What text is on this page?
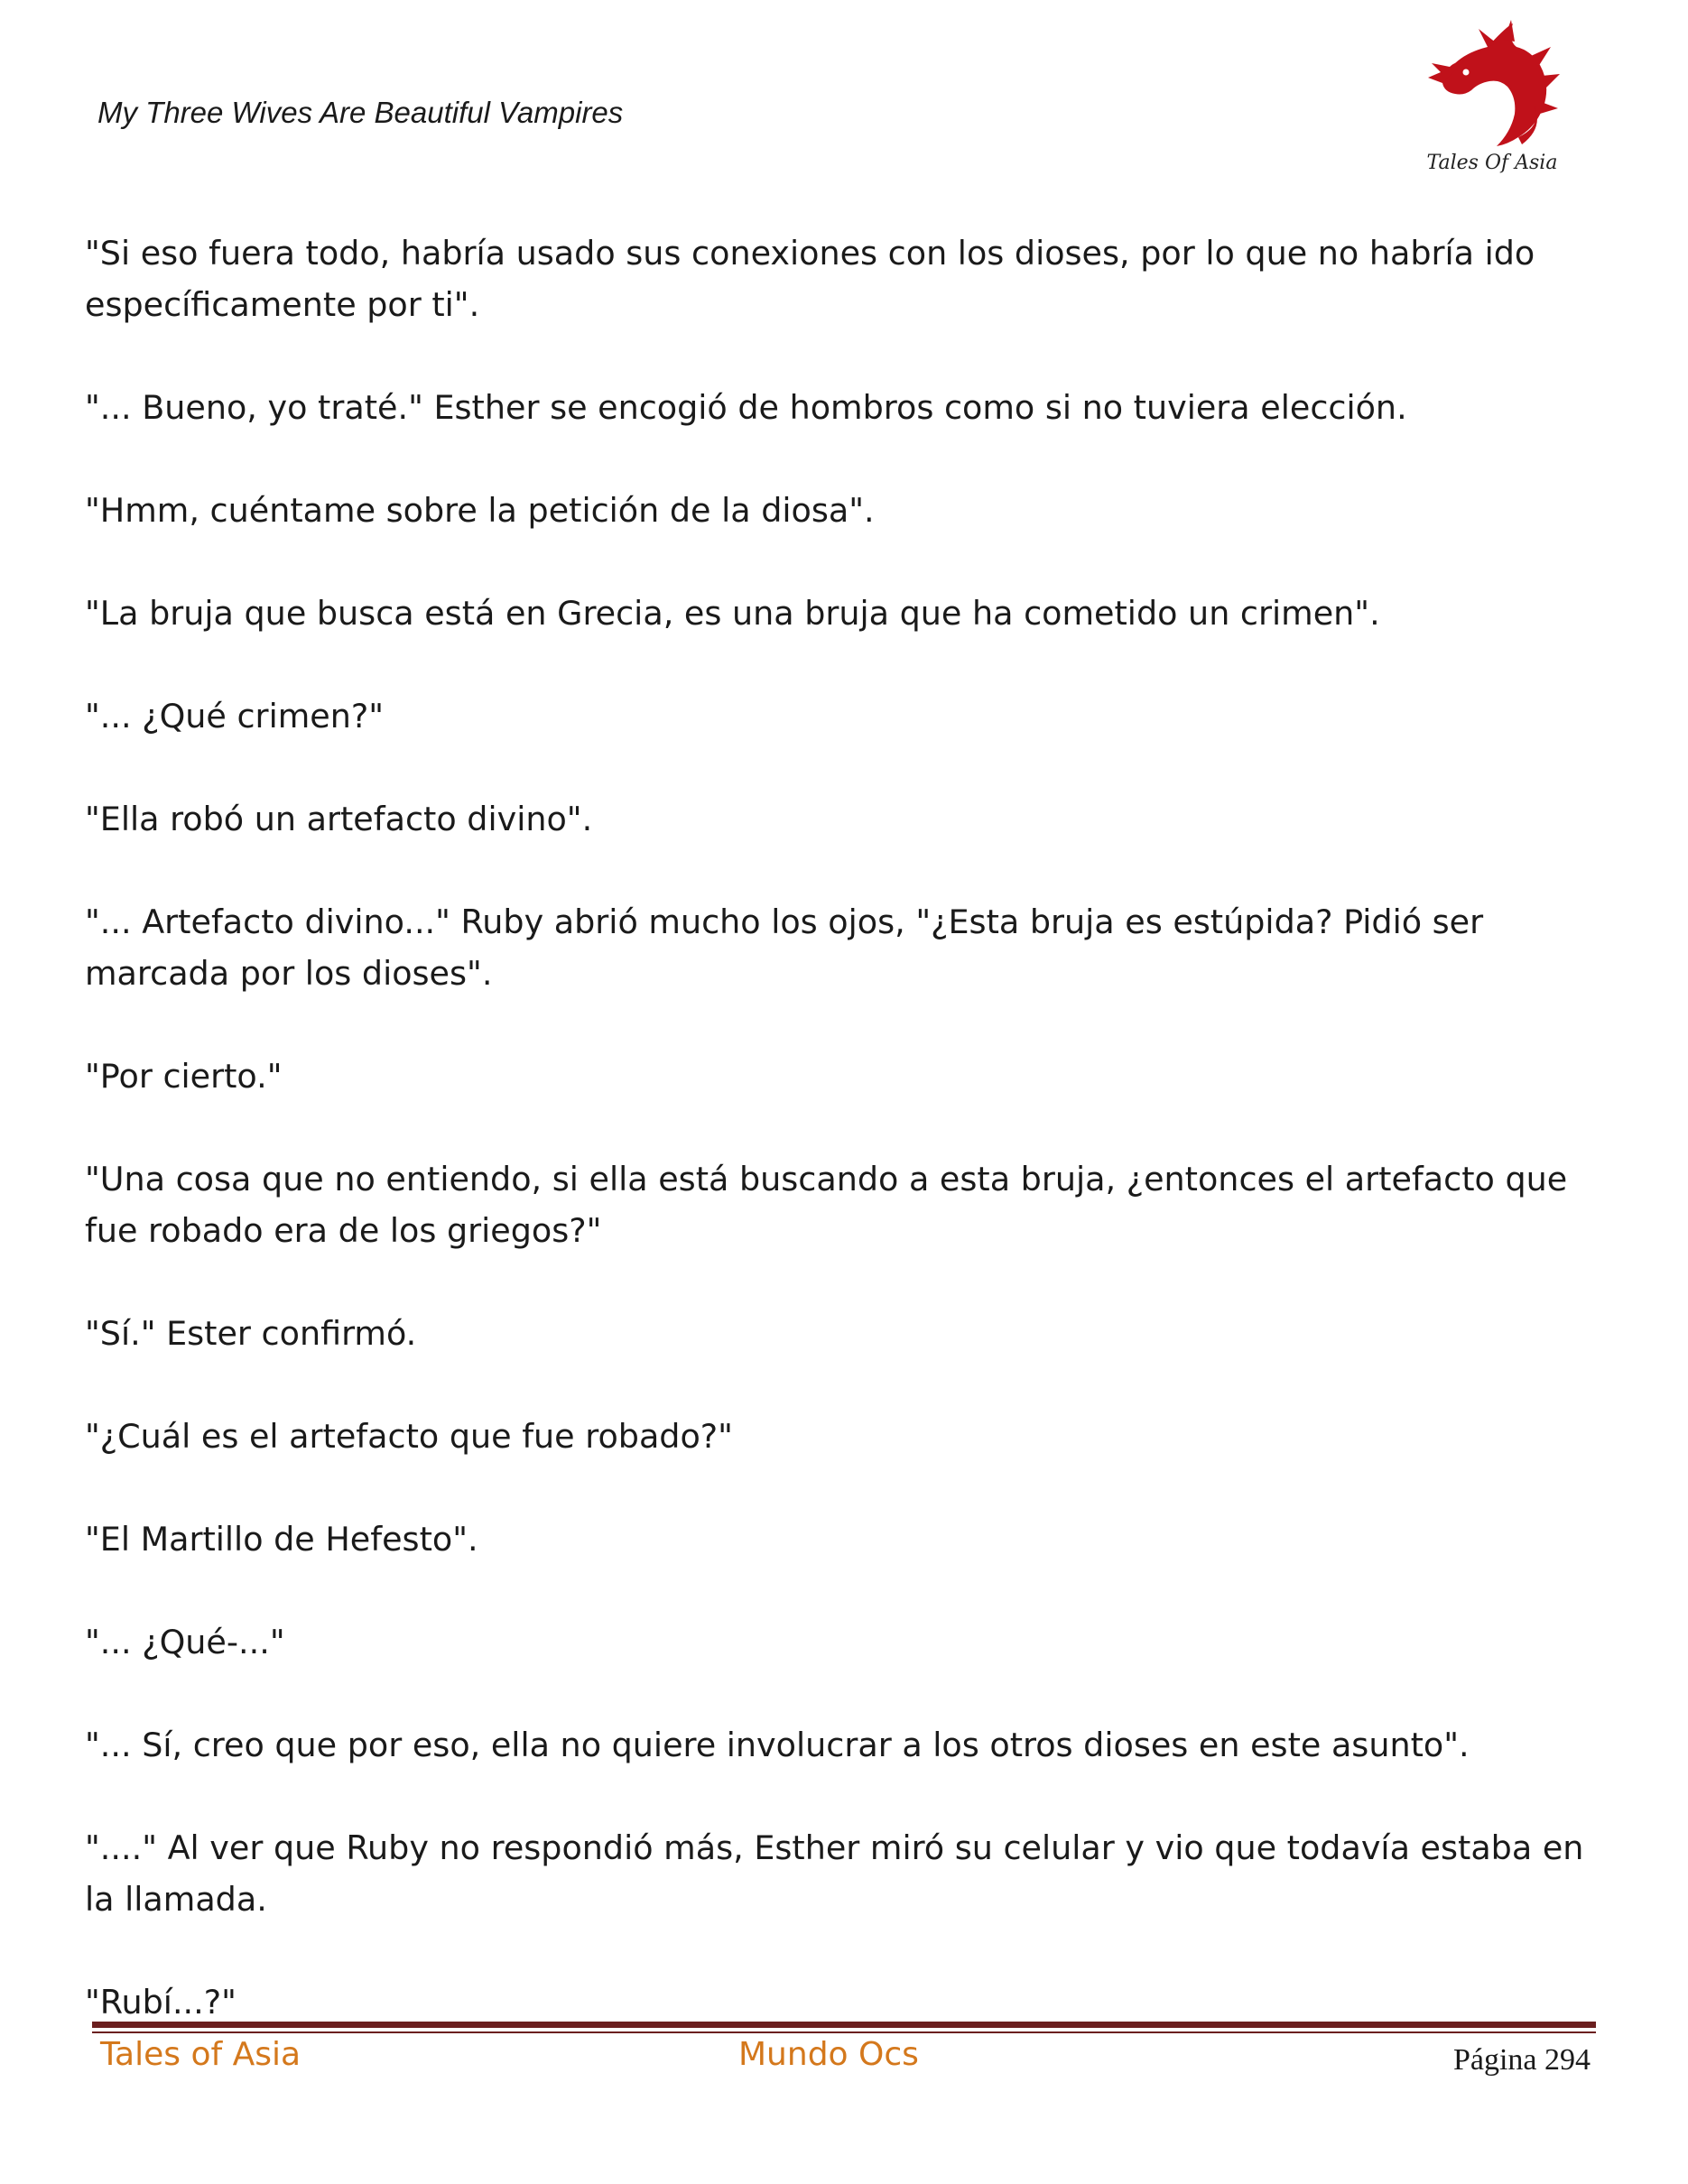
My Three Wives Are Beautiful Vampires
Tales Of Asia

"Si eso fuera todo, habría usado sus conexiones con los dioses, por lo que no habría ido específicamente por ti".

"... Bueno, yo traté." Esther se encogió de hombros como si no tuviera elección.

"Hmm, cuéntame sobre la petición de la diosa".

"La bruja que busca está en Grecia, es una bruja que ha cometido un crimen".

"... ¿Qué crimen?"

"Ella robó un artefacto divino".

"... Artefacto divino..." Ruby abrió mucho los ojos, "¿Esta bruja es estúpida? Pidió ser marcada por los dioses".

"Por cierto."

"Una cosa que no entiendo, si ella está buscando a esta bruja, ¿entonces el artefacto que fue robado era de los griegos?"

"Sí." Ester confirmó.

"¿Cuál es el artefacto que fue robado?"

"El Martillo de Hefesto".

"... ¿Qué-..."

"... Sí, creo que por eso, ella no quiere involucrar a los otros dioses en este asunto".

"...." Al ver que Ruby no respondió más, Esther miró su celular y vio que todavía estaba en la llamada.

"Rubí...?"

Tales of Asia	Mundo Ocs	Página 294
